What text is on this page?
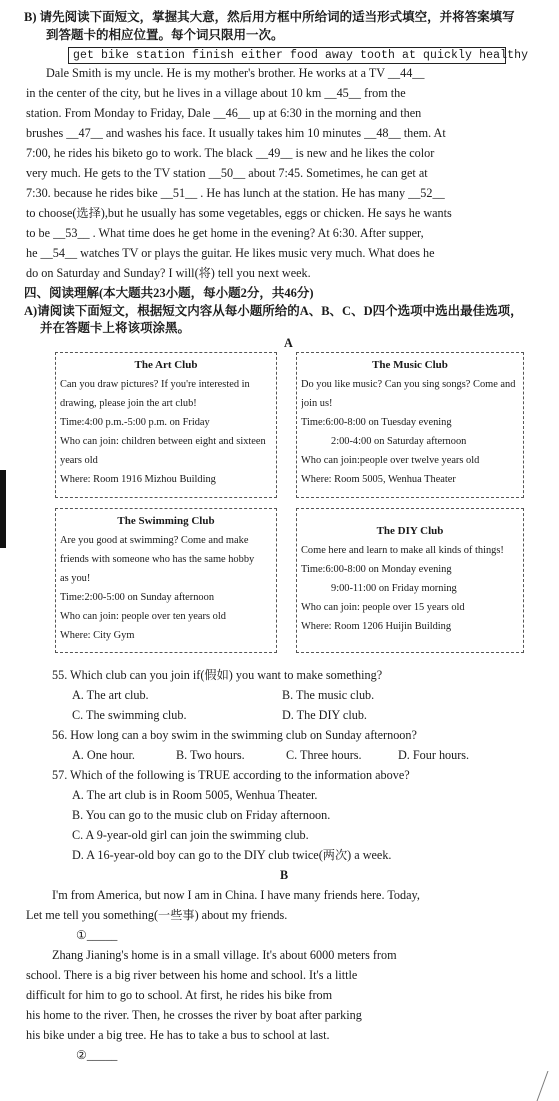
B) 请先阅读下面短文，掌握其大意，然后用方框中所给词的适当形式填空，并将答案填写
到答题卡的相应位置。每个词只限用一次。
get bike station finish either food away tooth at quickly healthy
Dale Smith is my uncle. He is my mother's brother. He works at a TV __44__
in the center of the city, but he lives in a village about 10 km __45__ from the
station. From Monday to Friday, Dale __46__ up at 6:30 in the morning and then
brushes __47__ and washes his face. It usually takes him 10 minutes __48__ them. At
7:00, he rides his biketo go to work. The black __49__ is new and he likes the color
very much. He gets to the TV station __50__ about 7:45. Sometimes, he can get at
7:30. because he rides bike __51__ . He has lunch at the station. He has many __52__
to choose(选择),but he usually has some vegetables, eggs or chicken. He says he wants
to be __53__ . What time does he get home in the evening? At 6:30. After supper,
he __54__ watches TV or plays the guitar. He likes music very much. What does he
do on Saturday and Sunday? I will(将) tell you next week.
四、阅读理解(本大题共23小题，每小题2分，共46分)
A)请阅读下面短文，根据短文内容从每小题所给的A、B、C、D四个选项中选出最佳选项，
并在答题卡上将该项涂黑。
A
The Art Club
Can you draw pictures? If you're interested in
drawing, please join the art club!
Time:4:00 p.m.-5:00 p.m. on Friday
Who can join: children between eight and sixteen
years old
Where: Room 1916 Mizhou Building
The Music Club
Do you like music? Can you sing songs? Come and
join us!
Time:6:00-8:00 on Tuesday evening
2:00-4:00 on Saturday afternoon
Who can join:people over twelve years old
Where: Room 5005, Wenhua Theater
The Swimming Club
Are you good at swimming? Come and make
friends with someone who has the same hobby
as you!
Time:2:00-5:00 on Sunday afternoon
Who can join: people over ten years old
Where: City Gym
The DIY Club
Come here and learn to make all kinds of things!
Time:6:00-8:00 on Monday evening
9:00-11:00 on Friday morning
Who can join: people over 15 years old
Where: Room 1206 Huijin Building
55. Which club can you join if(假如) you want to make something?
A. The art club.	B. The music club.
C. The swimming club.	D. The DIY club.
56. How long can a boy swim in the swimming club on Sunday afternoon?
A. One hour.	B. Two hours.	C. Three hours.	D. Four hours.
57. Which of the following is TRUE according to the information above?
A. The art club is in Room 5005, Wenhua Theater.
B. You can go to the music club on Friday afternoon.
C. A 9-year-old girl can join the swimming club.
D. A 16-year-old boy can go to the DIY club twice(两次) a week.
B
I'm from America, but now I am in China. I have many friends here. Today,
Let me tell you something(一些事) about my friends.
①_____
Zhang Jianing's home is in a small village. It's about 6000 meters from
school. There is a big river between his home and school. It's a little
difficult for him to go to school. At first, he rides his bike from
his home to the river. Then, he crosses the river by boat after parking
his bike under a big tree. He has to take a bus to school at last.
②_____
